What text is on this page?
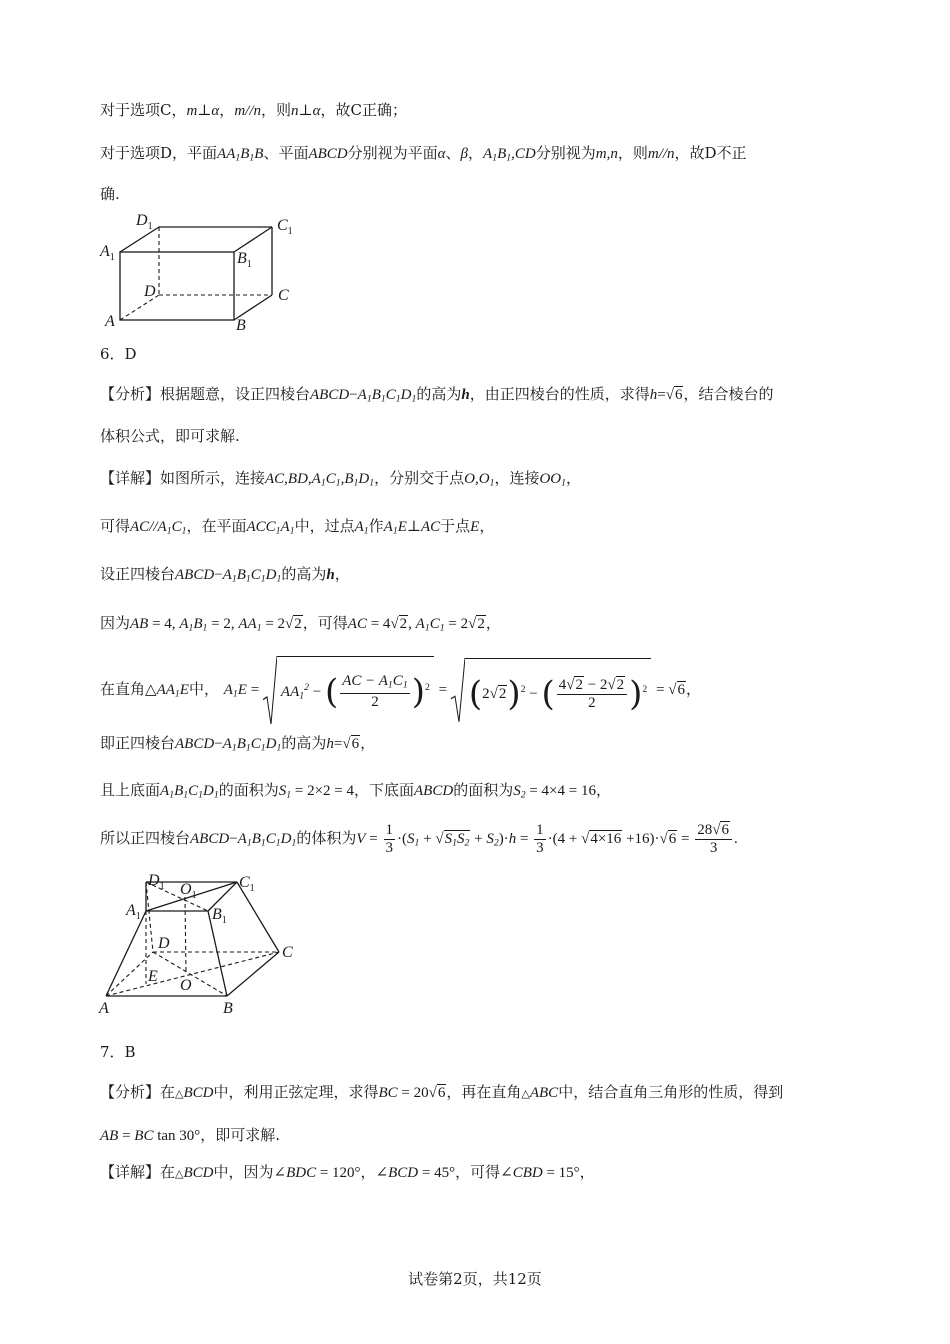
对于选项C，m⊥α，m//n，则n⊥α，故C正确；
对于选项D，平面$AA_1B_1B$、平面ABCD分别视为平面α、β，$A_1B_1,CD$分别视为m,n，则m//n，故D不正
确.
$D_1$	$C_1$
$A_1$	$B_1$
D	C
A	B
6．D
【分析】根据题意，设正四棱台$ABCD-A_1B_1C_1D_1$的高为h，由正四棱台的性质，求得h=√6，结合棱台的
体积公式，即可求解.
【详解】如图所示，连接$AC,BD,A_1C_1,B_1D_1$，分别交于点$O,O_1$，连接$OO_1$，
可得$AC//A_1C_1$，在平面$ACC_1A_1$中，过点$A_1$作$A_1E\perp AC$于点E，
设正四棱台$ABCD-A_1B_1C_1D_1$的高为h，
因为AB = 4, $A_1B_1 = 2$, $AA_1 = 2√2$，可得AC = 4√2, $A_1C_1 = 2√2$，
在直角$\triangle AA_1E$中， $A_1E$ =
$AA_1^2$ − ( $\frac{AC - A_1C_1}{2} )^2$ =
$(2√2)^2$ − ( $\frac{4√2 - 2√2}{2} )^2 = √6$，
即正四棱台$ABCD-A_1B_1C_1D_1$的高为h=√6，
且上底面$A_1B_1C_1D_1$的面积为$S_1 = 2\times 2 = 4$，下底面ABCD的面积为$S_2 = 4\times 4 = 16$，
所以正四棱台$ABCD-A_1B_1C_1D_1$的体积为$V = \frac{1}{3} \cdot(S_1 + √S_1S_2 + S_2)\cdot h = \frac{1}{3} \cdot(4 + √4\times 16 +16)\cdot√6 = \frac{28√6}{3}$ .
$D_1$ $O_1$
$C_1$
$A_1$	$B_1$
D
C
E
O
A	B
7．B
【分析】在△BCD中，利用正弦定理，求得BC = 20√6，再在直角△ABC中，结合直角三角形的性质，得到
AB = BC tan 30°，即可求解.
【详解】在△BCD中，因为∠BDC = 120°，∠BCD = 45°，可得∠CBD = 15°，
试卷第2页，共12页
